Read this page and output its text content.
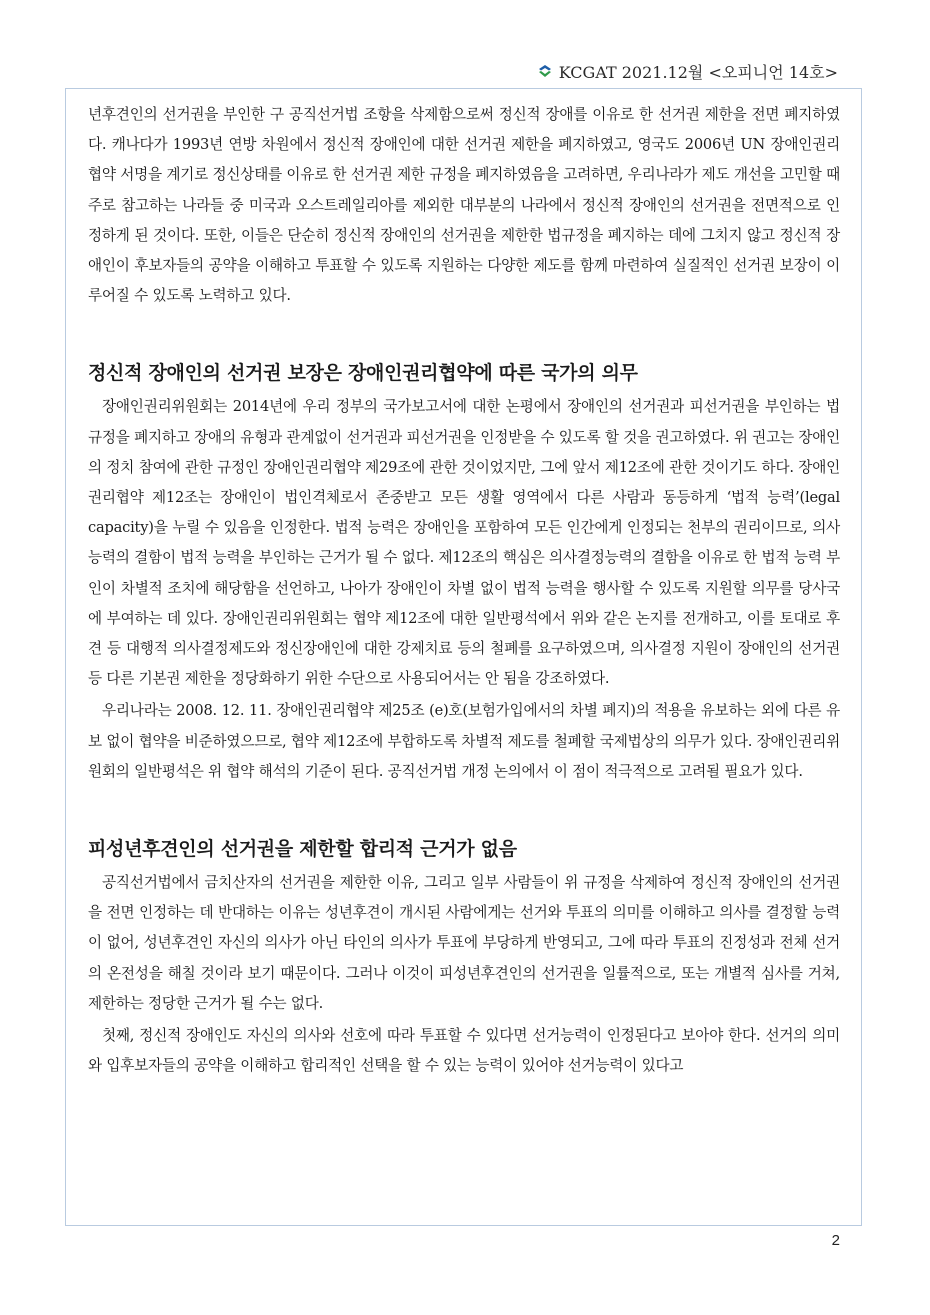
KCGAT 2021.12월 <오피니언 14호>

년후견인의 선거권을 부인한 구 공직선거법 조항을 삭제함으로써 정신적 장애를 이유로 한 선거권 제한을 전면 폐지하였다. 캐나다가 1993년 연방 차원에서 정신적 장애인에 대한 선거권 제한을 폐지하였고, 영국도 2006년 UN 장애인권리협약 서명을 계기로 정신상태를 이유로 한 선거권 제한 규정을 폐지하였음을 고려하면, 우리나라가 제도 개선을 고민할 때 주로 참고하는 나라들 중 미국과 오스트레일리아를 제외한 대부분의 나라에서 정신적 장애인의 선거권을 전면적으로 인정하게 된 것이다. 또한, 이들은 단순히 정신적 장애인의 선거권을 제한한 법규정을 폐지하는 데에 그치지 않고 정신적 장애인이 후보자들의 공약을 이해하고 투표할 수 있도록 지원하는 다양한 제도를 함께 마련하여 실질적인 선거권 보장이 이루어질 수 있도록 노력하고 있다.

정신적 장애인의 선거권 보장은 장애인권리협약에 따른 국가의 의무

장애인권리위원회는 2014년에 우리 정부의 국가보고서에 대한 논평에서 장애인의 선거권과 피선거권을 부인하는 법규정을 폐지하고 장애의 유형과 관계없이 선거권과 피선거권을 인정받을 수 있도록 할 것을 권고하였다. 위 권고는 장애인의 정치 참여에 관한 규정인 장애인권리협약 제29조에 관한 것이었지만, 그에 앞서 제12조에 관한 것이기도 하다. 장애인권리협약 제12조는 장애인이 법인격체로서 존중받고 모든 생활 영역에서 다른 사람과 동등하게 ‘법적 능력’(legal capacity)을 누릴 수 있음을 인정한다. 법적 능력은 장애인을 포함하여 모든 인간에게 인정되는 천부의 권리이므로, 의사능력의 결함이 법적 능력을 부인하는 근거가 될 수 없다. 제12조의 핵심은 의사결정능력의 결함을 이유로 한 법적 능력 부인이 차별적 조치에 해당함을 선언하고, 나아가 장애인이 차별 없이 법적 능력을 행사할 수 있도록 지원할 의무를 당사국에 부여하는 데 있다. 장애인권리위원회는 협약 제12조에 대한 일반평석에서 위와 같은 논지를 전개하고, 이를 토대로 후견 등 대행적 의사결정제도와 정신장애인에 대한 강제치료 등의 철폐를 요구하였으며, 의사결정 지원이 장애인의 선거권 등 다른 기본권 제한을 정당화하기 위한 수단으로 사용되어서는 안 됨을 강조하였다.

우리나라는 2008. 12. 11. 장애인권리협약 제25조 (e)호(보험가입에서의 차별 폐지)의 적용을 유보하는 외에 다른 유보 없이 협약을 비준하였으므로, 협약 제12조에 부합하도록 차별적 제도를 철폐할 국제법상의 의무가 있다. 장애인권리위원회의 일반평석은 위 협약 해석의 기준이 된다. 공직선거법 개정 논의에서 이 점이 적극적으로 고려될 필요가 있다.

피성년후견인의 선거권을 제한할 합리적 근거가 없음

공직선거법에서 금치산자의 선거권을 제한한 이유, 그리고 일부 사람들이 위 규정을 삭제하여 정신적 장애인의 선거권을 전면 인정하는 데 반대하는 이유는 성년후견이 개시된 사람에게는 선거와 투표의 의미를 이해하고 의사를 결정할 능력이 없어, 성년후견인 자신의 의사가 아닌 타인의 의사가 투표에 부당하게 반영되고, 그에 따라 투표의 진정성과 전체 선거의 온전성을 해칠 것이라 보기 때문이다. 그러나 이것이 피성년후견인의 선거권을 일률적으로, 또는 개별적 심사를 거쳐, 제한하는 정당한 근거가 될 수는 없다.

첫째, 정신적 장애인도 자신의 의사와 선호에 따라 투표할 수 있다면 선거능력이 인정된다고 보아야 한다. 선거의 의미와 입후보자들의 공약을 이해하고 합리적인 선택을 할 수 있는 능력이 있어야 선거능력이 있다고

2
